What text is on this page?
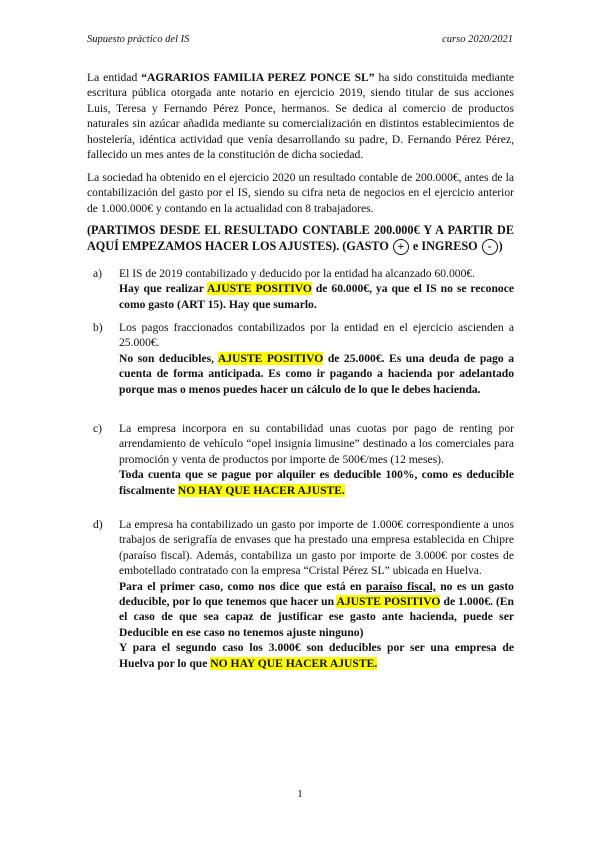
Supuesto práctico del IS	curso 2020/2021
La entidad “AGRARIOS FAMILIA PEREZ PONCE SL” ha sido constituida mediante escritura pública otorgada ante notario en ejercicio 2019, siendo titular de sus acciones Luis, Teresa y Fernando Pérez Ponce, hermanos. Se dedica al comercio de productos naturales sin azúcar añadida mediante su comercialización en distintos establecimientos de hostelería, idéntica actividad que venía desarrollando su padre, D. Fernando Pérez Pérez, fallecido un mes antes de la constitución de dicha sociedad.
La sociedad ha obtenido en el ejercicio 2020 un resultado contable de 200.000€, antes de la contabilización del gasto por el IS, siendo su cifra neta de negocios en el ejercicio anterior de 1.000.000€ y contando en la actualidad con 8 trabajadores.
(PARTIMOS DESDE EL RESULTADO CONTABLE 200.000€ Y A PARTIR DE AQUÍ EMPEZAMOS HACER LOS AJUSTES). (GASTO + e INGRESO - )
a) El IS de 2019 contabilizado y deducido por la entidad ha alcanzado 60.000€.
Hay que realizar AJUSTE POSITIVO de 60.000€, ya que el IS no se reconoce como gasto (ART 15). Hay que sumarlo.
b) Los pagos fraccionados contabilizados por la entidad en el ejercicio ascienden a 25.000€.
No son deducibles, AJUSTE POSITIVO de 25.000€. Es una deuda de pago a cuenta de forma anticipada. Es como ir pagando a hacienda por adelantado porque mas o menos puedes hacer un cálculo de lo que le debes hacienda.
c) La empresa incorpora en su contabilidad unas cuotas por pago de renting por arrendamiento de vehículo “opel insignia limusine” destinado a los comerciales para promoción y venta de productos por importe de 500€/mes (12 meses).
Toda cuenta que se pague por alquiler es deducible 100%, como es deducible fiscalmente NO HAY QUE HACER AJUSTE.
d) La empresa ha contabilizado un gasto por importe de 1.000€ correspondiente a unos trabajos de serigrafía de envases que ha prestado una empresa establecida en Chipre (paraíso fiscal). Además, contabiliza un gasto por importe de 3.000€ por costes de embotellado contratado con la empresa “Cristal Pérez SL” ubicada en Huelva.
Para el primer caso, como nos dice que está en paraíso fiscal, no es un gasto deducible, por lo que tenemos que hacer un AJUSTE POSITIVO de 1.000€. (En el caso de que sea capaz de justificar ese gasto ante hacienda, puede ser Deducible en ese caso no tenemos ajuste ninguno)
Y para el segundo caso los 3.000€ son deducibles por ser una empresa de Huelva por lo que NO HAY QUE HACER AJUSTE.
1
